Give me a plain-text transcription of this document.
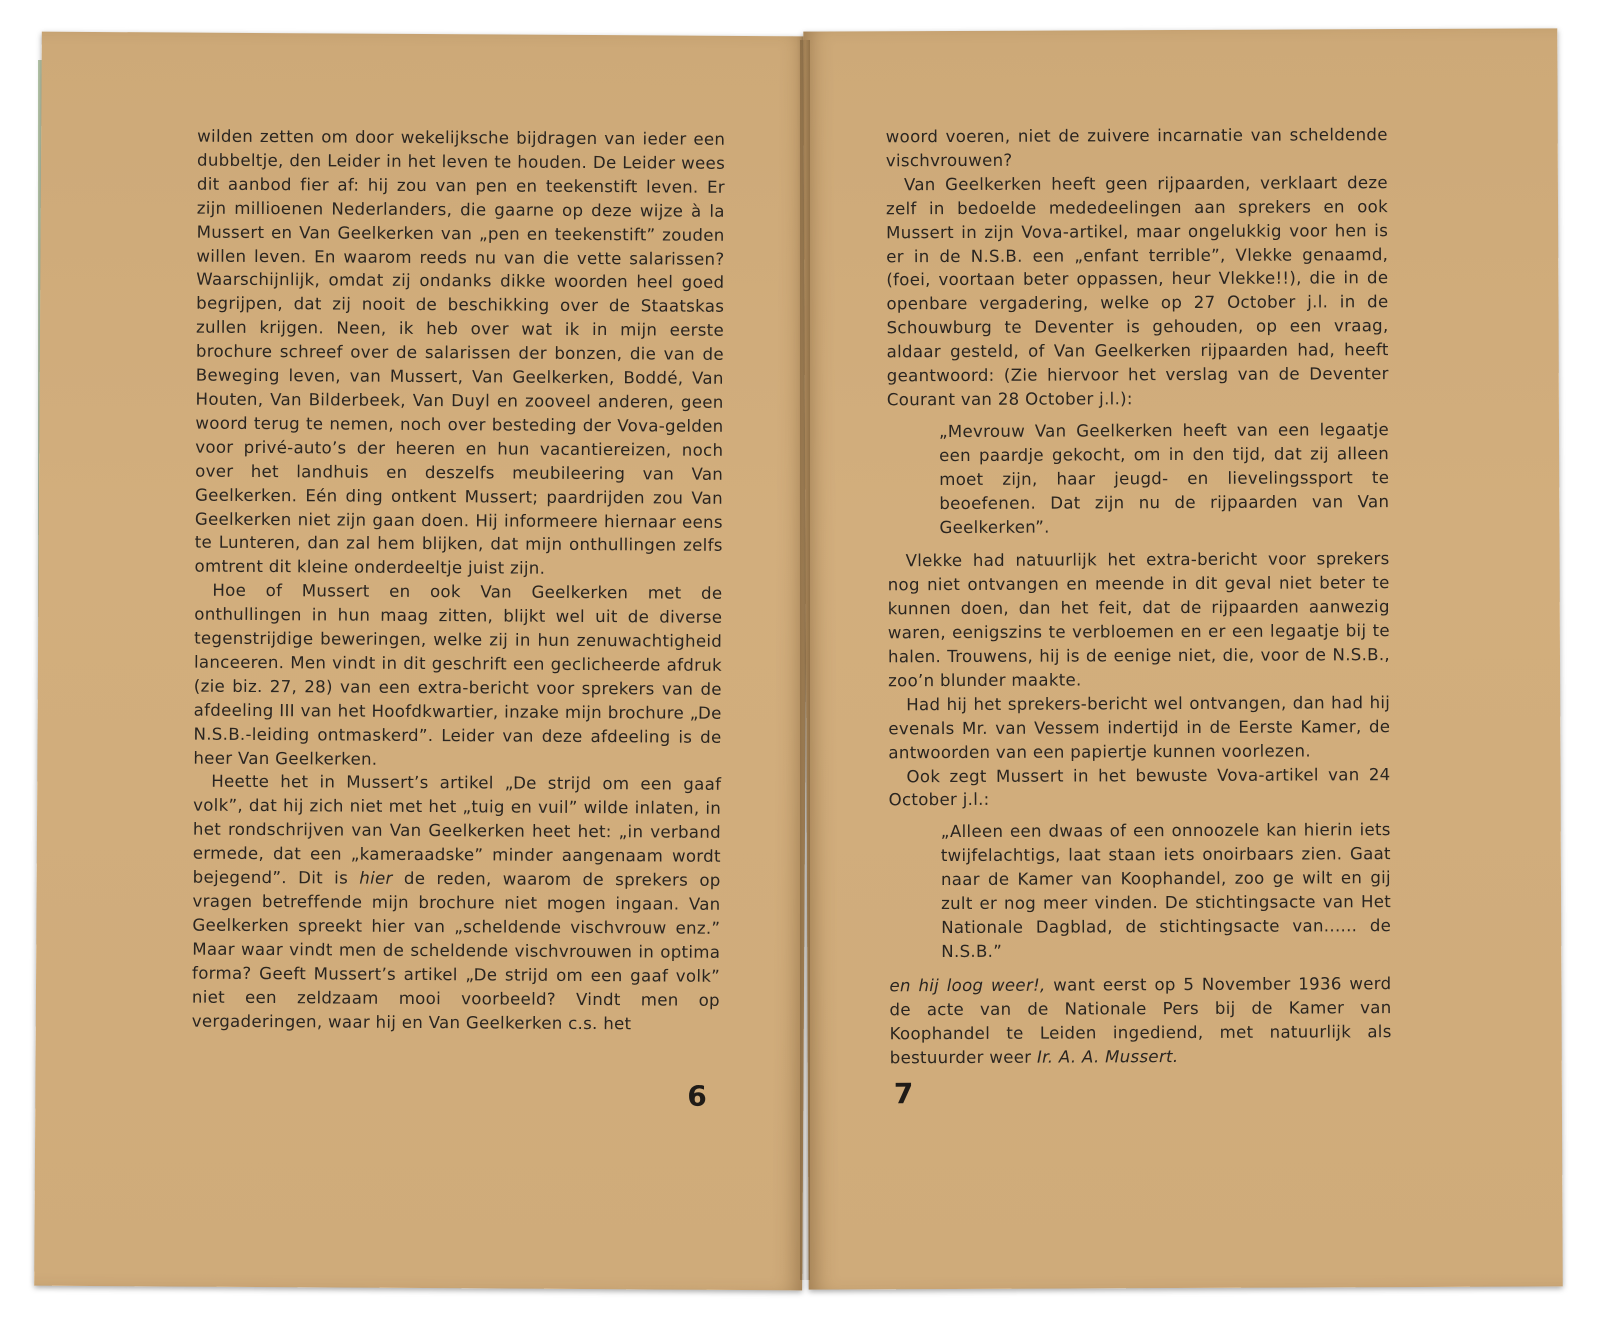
wilden zetten om door wekelijksche bijdragen van ieder een dubbeltje, den Leider in het leven te houden. De Leider wees dit aanbod fier af: hij zou van pen en teekenstift leven. Er zijn millioenen Nederlanders, die gaarne op deze wijze à la Mussert en Van Geelkerken van „pen en teekenstift” zouden willen leven. En waarom reeds nu van die vette salarissen? Waarschijnlijk, omdat zij ondanks dikke woorden heel goed begrijpen, dat zij nooit de beschikking over de Staatskas zullen krijgen. Neen, ik heb over wat ik in mijn eerste brochure schreef over de salarissen der bonzen, die van de Beweging leven, van Mussert, Van Geelkerken, Boddé, Van Houten, Van Bilderbeek, Van Duyl en zooveel anderen, geen woord terug te nemen, noch over besteding der Vova-gelden voor privé-auto’s der heeren en hun vacantiereizen, noch over het landhuis en deszelfs meubileering van Van Geelkerken. Eén ding ontkent Mussert; paardrijden zou Van Geelkerken niet zijn gaan doen. Hij informeere hiernaar eens te Lunteren, dan zal hem blijken, dat mijn onthullingen zelfs omtrent dit kleine onderdeeltje juist zijn.

Hoe of Mussert en ook Van Geelkerken met de onthullingen in hun maag zitten, blijkt wel uit de diverse tegenstrijdige beweringen, welke zij in hun zenuwachtigheid lanceeren. Men vindt in dit geschrift een geclicheerde afdruk (zie biz. 27, 28) van een extra-bericht voor sprekers van de afdeeling III van het Hoofdkwartier, inzake mijn brochure „De N.S.B.-leiding ontmaskerd”. Leider van deze afdeeling is de heer Van Geelkerken.

Heette het in Mussert’s artikel „De strijd om een gaaf volk”, dat hij zich niet met het „tuig en vuil” wilde inlaten, in het rondschrijven van Van Geelkerken heet het: „in verband ermede, dat een „kameraadske” minder aangenaam wordt bejegend”. Dit is hier de reden, waarom de sprekers op vragen betreffende mijn brochure niet mogen ingaan. Van Geelkerken spreekt hier van „scheldende vischvrouw enz.” Maar waar vindt men de scheldende vischvrouwen in optima forma? Geeft Mussert’s artikel „De strijd om een gaaf volk” niet een zeldzaam mooi voorbeeld? Vindt men op vergaderingen, waar hij en Van Geelkerken c.s. het

6

woord voeren, niet de zuivere incarnatie van scheldende vischvrouwen?

Van Geelkerken heeft geen rijpaarden, verklaart deze zelf in bedoelde mededeelingen aan sprekers en ook Mussert in zijn Vova-artikel, maar ongelukkig voor hen is er in de N.S.B. een „enfant terrible”, Vlekke genaamd, (foei, voortaan beter oppassen, heur Vlekke!!), die in de openbare vergadering, welke op 27 October j.l. in de Schouwburg te Deventer is gehouden, op een vraag, aldaar gesteld, of Van Geelkerken rijpaarden had, heeft geantwoord: (Zie hiervoor het verslag van de Deventer Courant van 28 October j.l.):

„Mevrouw Van Geelkerken heeft van een legaatje een paardje gekocht, om in den tijd, dat zij alleen moet zijn, haar jeugd- en lievelingssport te beoefenen. Dat zijn nu de rijpaarden van Van Geelkerken”.

Vlekke had natuurlijk het extra-bericht voor sprekers nog niet ontvangen en meende in dit geval niet beter te kunnen doen, dan het feit, dat de rijpaarden aanwezig waren, eenigszins te verbloemen en er een legaatje bij te halen. Trouwens, hij is de eenige niet, die, voor de N.S.B., zoo’n blunder maakte.

Had hij het sprekers-bericht wel ontvangen, dan had hij evenals Mr. van Vessem indertijd in de Eerste Kamer, de antwoorden van een papiertje kunnen voorlezen.

Ook zegt Mussert in het bewuste Vova-artikel van 24 October j.l.:

„Alleen een dwaas of een onnoozele kan hierin iets twijfelachtigs, laat staan iets onoirbaars zien. Gaat naar de Kamer van Koophandel, zoo ge wilt en gij zult er nog meer vinden. De stichtingsacte van Het Nationale Dagblad, de stichtingsacte van...... de N.S.B.”

en hij loog weer!, want eerst op 5 November 1936 werd de acte van de Nationale Pers bij de Kamer van Koophandel te Leiden ingediend, met natuurlijk als bestuurder weer Ir. A. A. Mussert.

7
